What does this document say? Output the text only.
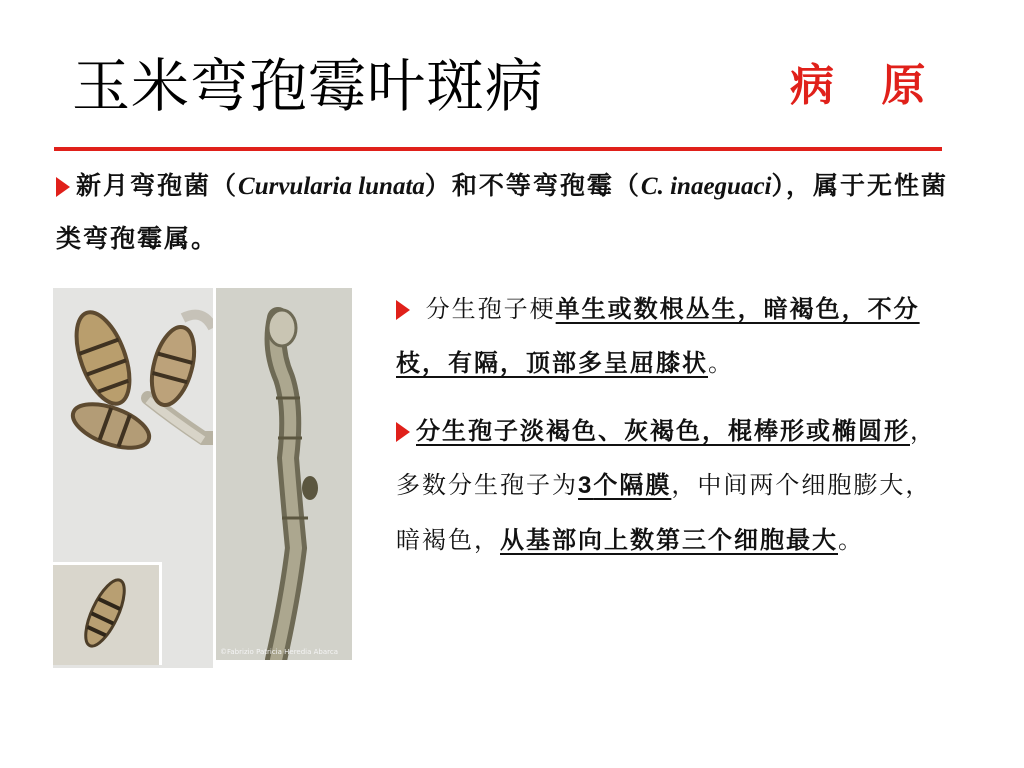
玉米弯孢霉叶斑病	病 原
新月弯孢菌（Curvularia lunata）和不等弯孢霉（C. inaeguaci），属于无性菌类弯孢霉属。
©Fabrizio Patricia Heredia Abarca

分生孢子梗单生或数根丛生，暗褐色，不分枝，有隔，顶部多呈屈膝状。

分生孢子淡褐色、灰褐色，棍棒形或椭圆形，多数分生孢子为3个隔膜，中间两个细胞膨大，暗褐色，从基部向上数第三个细胞最大。
